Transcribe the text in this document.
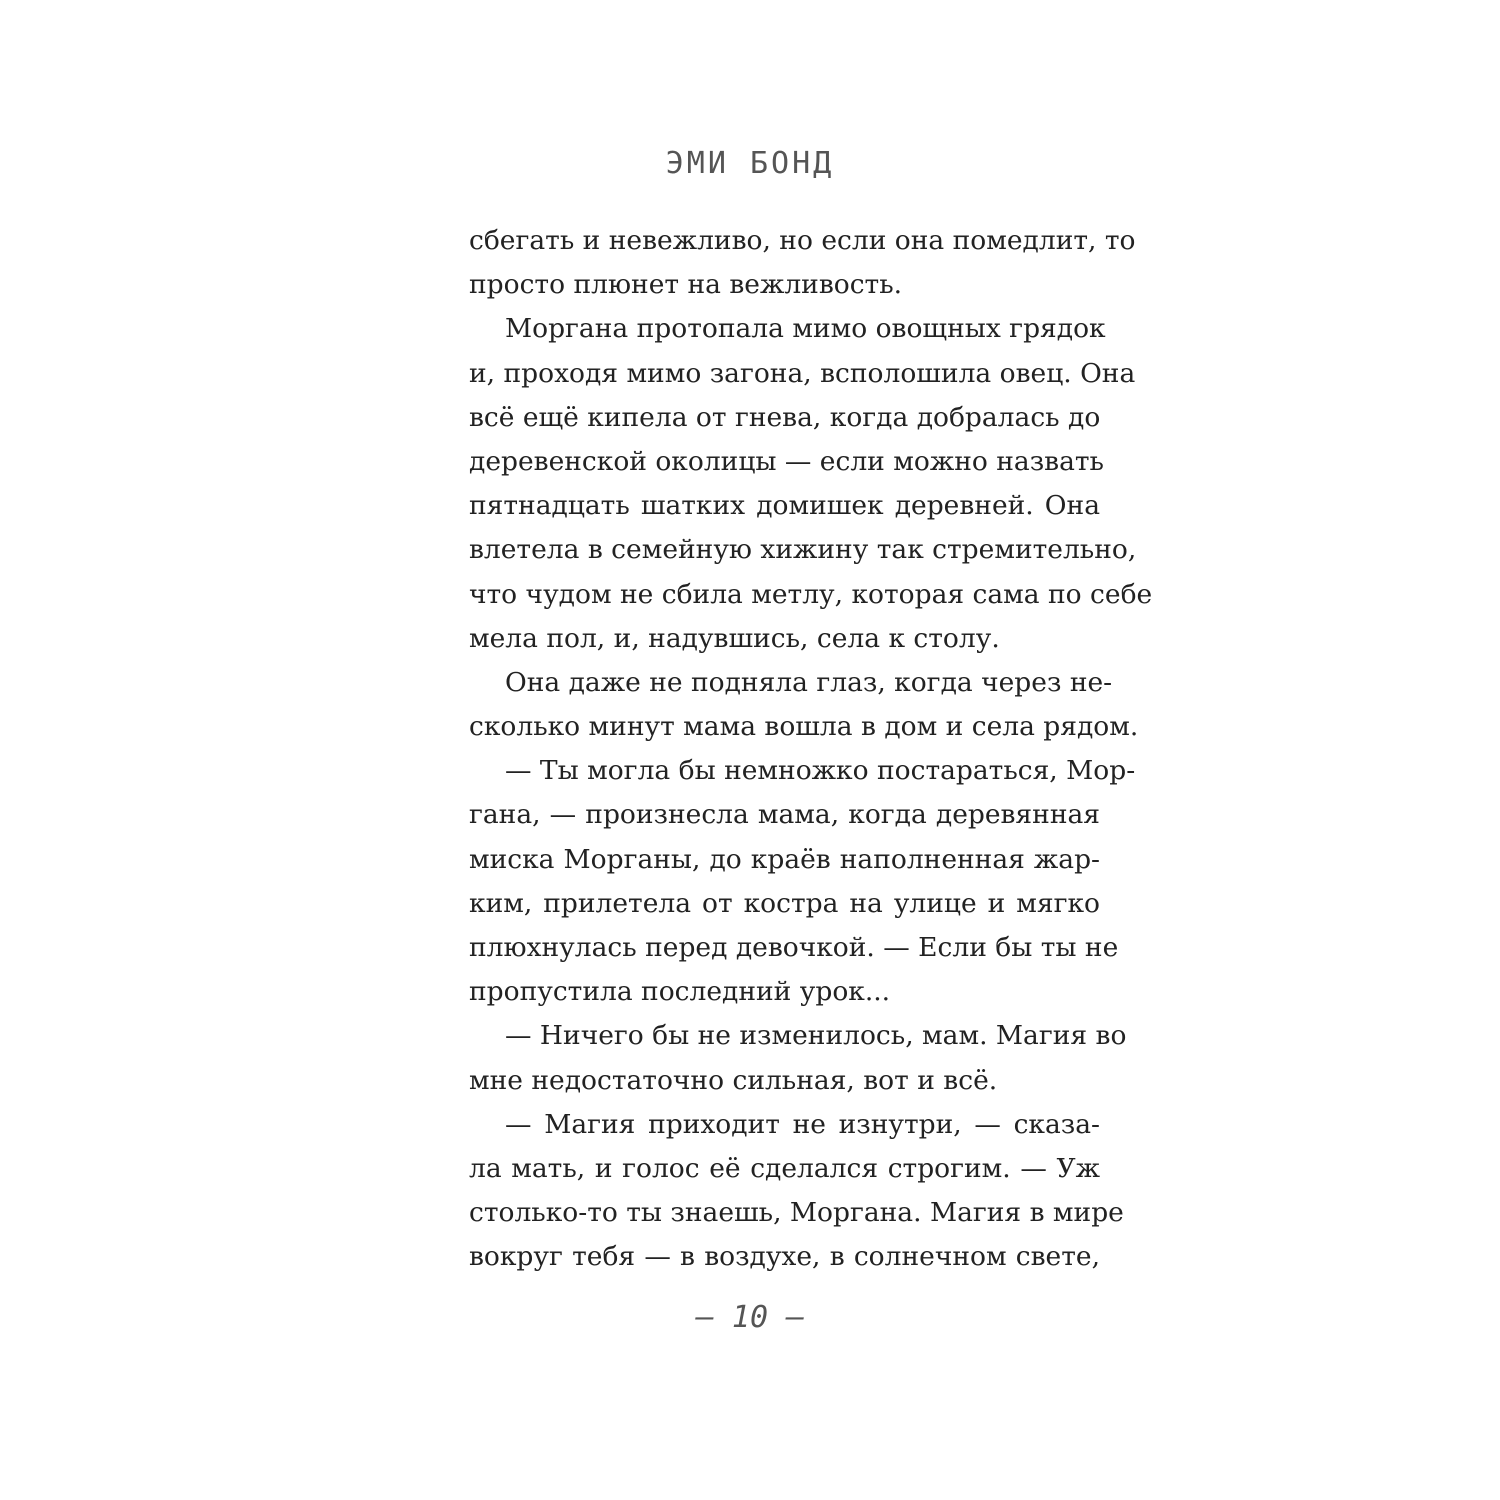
ЭМИ БОНД
сбегать и невежливо, но если она помедлит, то
просто плюнет на вежливость.
Моргана протопала мимо овощных грядок
и, проходя мимо загона, всполошила овец. Она
всё ещё кипела от гнева, когда добралась до
деревенской околицы — если можно назвать
пятнадцать шатких домишек деревней. Она
влетела в семейную хижину так стремительно,
что чудом не сбила метлу, которая сама по себе
мела пол, и, надувшись, села к столу.
Она даже не подняла глаз, когда через не-
сколько минут мама вошла в дом и села рядом.
— Ты могла бы немножко постараться, Мор-
гана, — произнесла мама, когда деревянная
миска Морганы, до краёв наполненная жар-
ким, прилетела от костра на улице и мягко
плюхнулась перед девочкой. — Если бы ты не
пропустила последний урок...
— Ничего бы не изменилось, мам. Магия во
мне недостаточно сильная, вот и всё.
— Магия приходит не изнутри, — сказа-
ла мать, и голос её сделался строгим. — Уж
столько-то ты знаешь, Моргана. Магия в мире
вокруг тебя — в воздухе, в солнечном свете,
— 10 —
